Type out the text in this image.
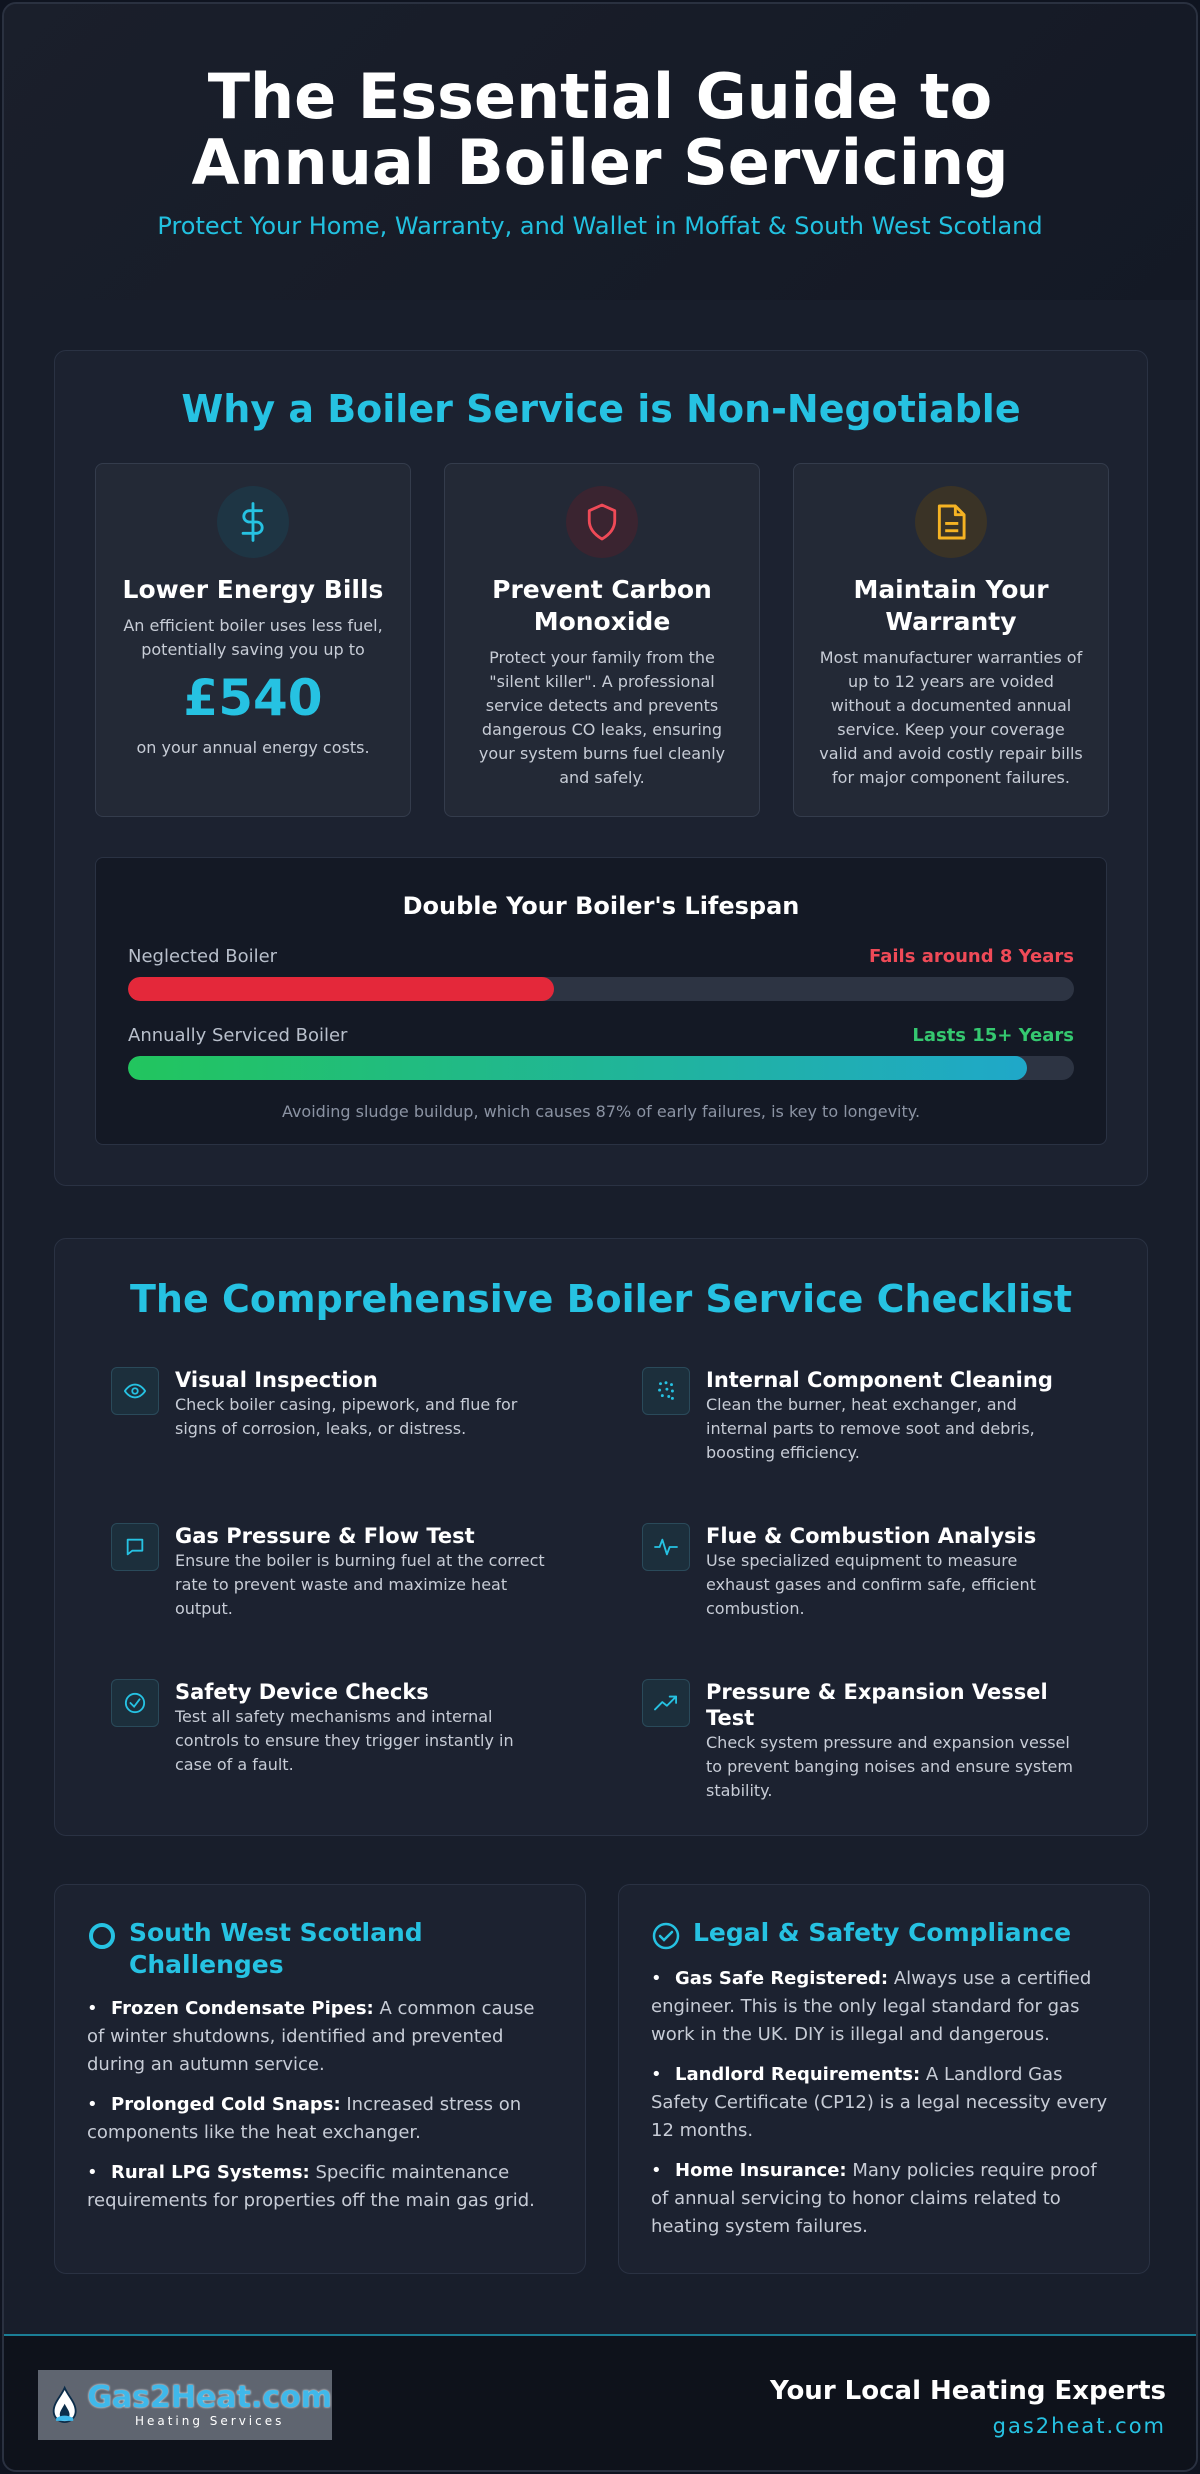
The Essential Guide to Annual Boiler Servicing
Protect Your Home, Warranty, and Wallet in Moffat & South West Scotland
Why a Boiler Service is Non-Negotiable
Lower Energy Bills

An efficient boiler uses less fuel, potentially saving you up to

£540

on your annual energy costs.

Prevent Carbon Monoxide

Protect your family from the "silent killer". A professional service detects and prevents dangerous CO leaks, ensuring your system burns fuel cleanly and safely.

Maintain Your Warranty

Most manufacturer warranties of up to 12 years are voided without a documented annual service. Keep your coverage valid and avoid costly repair bills for major component failures.

Double Your Boiler's Lifespan
Neglected Boiler	Fails around 8 Years
Annually Serviced Boiler	Lasts 15+ Years
Avoiding sludge buildup, which causes 87% of early failures, is key to longevity.
The Comprehensive Boiler Service Checklist
Visual Inspection

Check boiler casing, pipework, and flue for signs of corrosion, leaks, or distress.

Internal Component Cleaning

Clean the burner, heat exchanger, and internal parts to remove soot and debris, boosting efficiency.

Gas Pressure & Flow Test

Ensure the boiler is burning fuel at the correct rate to prevent waste and maximize heat output.

Flue & Combustion Analysis

Use specialized equipment to measure exhaust gases and confirm safe, efficient combustion.

Safety Device Checks

Test all safety mechanisms and internal controls to ensure they trigger instantly in case of a fault.

Pressure & Expansion Vessel Test

Check system pressure and expansion vessel to prevent banging noises and ensure system stability.

South West Scotland Challenges
• Frozen Condensate Pipes: A common cause of winter shutdowns, identified and prevented during an autumn service.
• Prolonged Cold Snaps: Increased stress on components like the heat exchanger.
• Rural LPG Systems: Specific maintenance requirements for properties off the main gas grid.
Legal & Safety Compliance
• Gas Safe Registered: Always use a certified engineer. This is the only legal standard for gas work in the UK. DIY is illegal and dangerous.
• Landlord Requirements: A Landlord Gas Safety Certificate (CP12) is a legal necessity every 12 months.
• Home Insurance: Many policies require proof of annual servicing to honor claims related to heating system failures.
Gas2Heat.com
Heating Services
Your Local Heating Experts
gas2heat.com
